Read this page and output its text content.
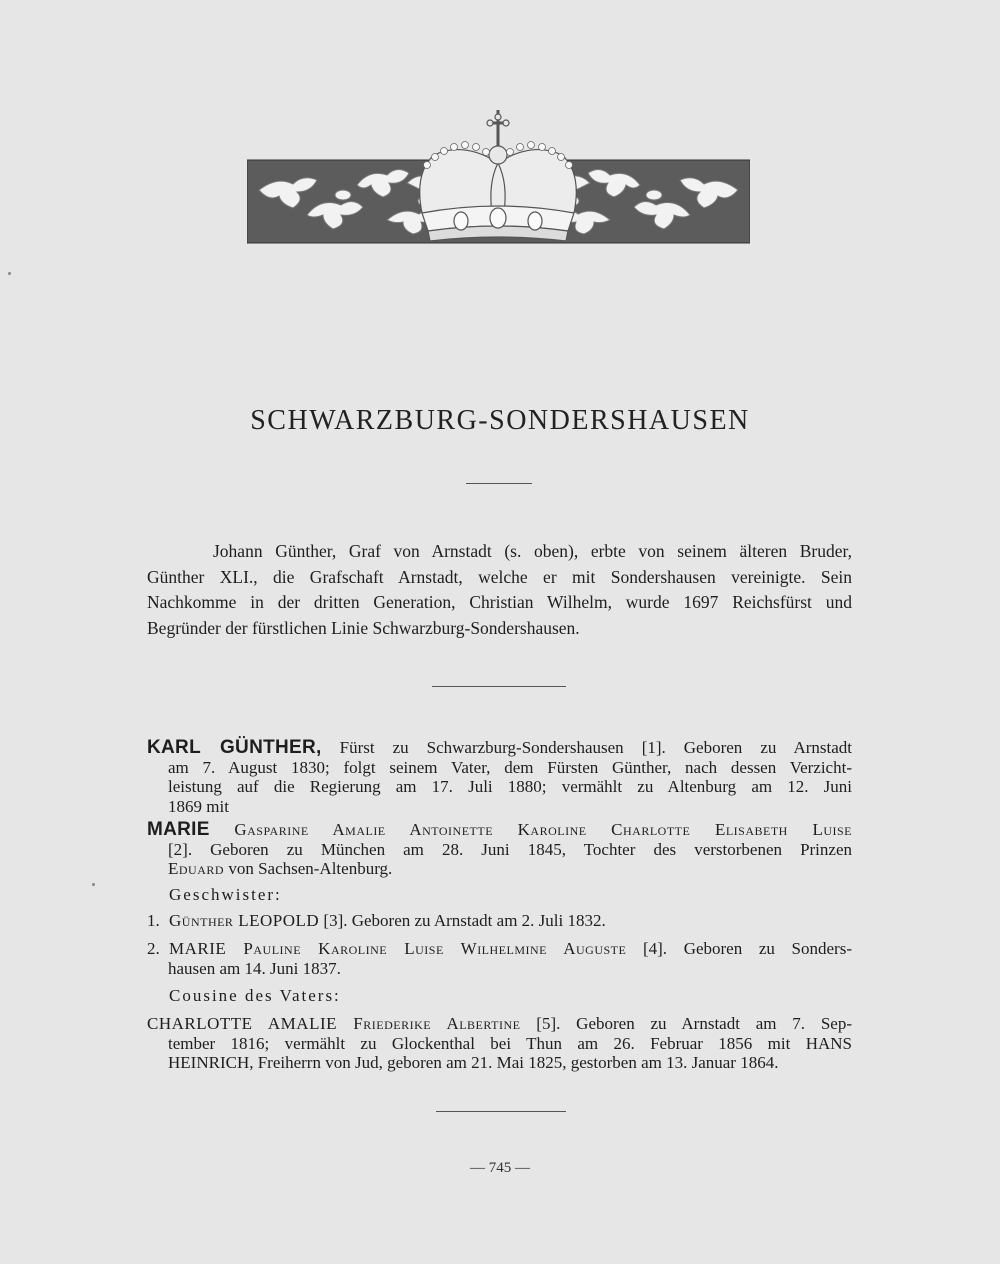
SCHWARZBURG-SONDERSHAUSEN

Johann Günther, Graf von Arnstadt (s. oben), erbte von seinem älteren Bruder,
Günther XLI., die Grafschaft Arnstadt, welche er mit Sondershausen vereinigte. Sein
Nachkomme in der dritten Generation, Christian Wilhelm, wurde 1697 Reichsfürst und
Begründer der fürstlichen Linie Schwarzburg-Sondershausen.

KARL GÜNTHER, Fürst zu Schwarzburg-Sondershausen [1]. Geboren zu Arnstadt
am 7. August 1830; folgt seinem Vater, dem Fürsten Günther, nach dessen Verzicht-
leistung auf die Regierung am 17. Juli 1880; vermählt zu Altenburg am 12. Juni
1869 mit
MARIE Gasparine Amalie Antoinette Karoline Charlotte Elisabeth Luise
[2]. Geboren zu München am 28. Juni 1845, Tochter des verstorbenen Prinzen
Eduard von Sachsen-Altenburg.

Geschwister:

1. Günther LEOPOLD [3]. Geboren zu Arnstadt am 2. Juli 1832.
2. MARIE Pauline Karoline Luise Wilhelmine Auguste [4]. Geboren zu Sonders-
hausen am 14. Juni 1837.

Cousine des Vaters:

CHARLOTTE AMALIE Friederike Albertine [5]. Geboren zu Arnstadt am 7. Sep-
tember 1816; vermählt zu Glockenthal bei Thun am 26. Februar 1856 mit HANS
HEINRICH, Freiherrn von Jud, geboren am 21. Mai 1825, gestorben am 13. Januar 1864.
— 745 —
